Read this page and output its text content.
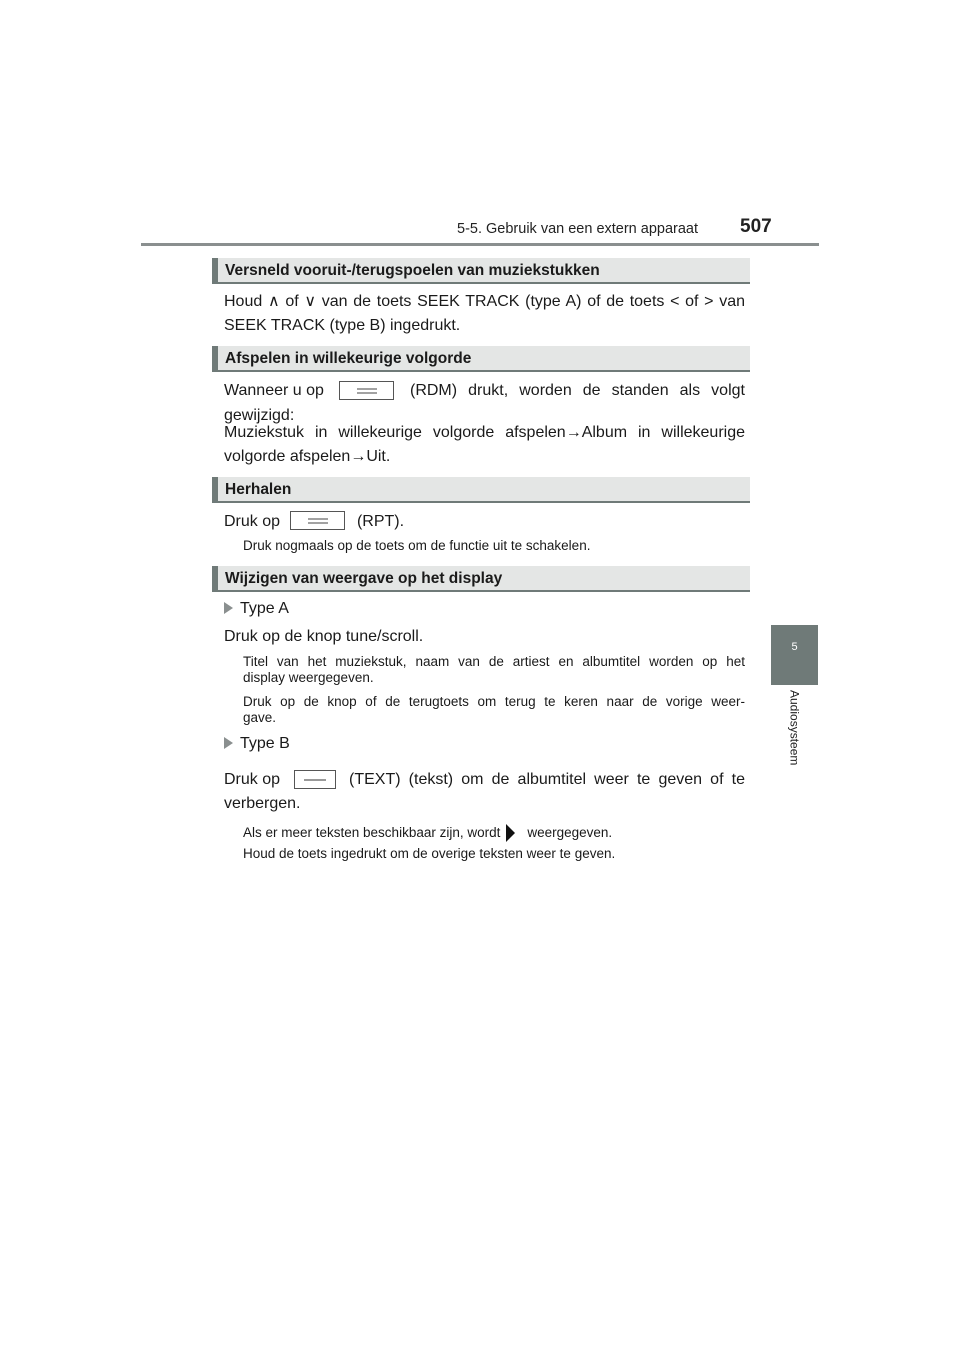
5-5. Gebruik van een extern apparaat 507
5
Audiosysteem
Versneld vooruit-/terugspoelen van muziekstukken
Houd ∧ of ∨ van de toets SEEK TRACK (type A) of de toets < of > van
SEEK TRACK (type B) ingedrukt.
Afspelen in willekeurige volgorde
Wanneer u op	(RDM) drukt, worden de standen als volgt
gewijzigd:
Muziekstuk in willekeurige volgorde afspelen→Album in willekeurige
volgorde afspelen→Uit.
Herhalen
Druk op	(RPT).
Druk nogmaals op de toets om de functie uit te schakelen.
Wijzigen van weergave op het display
Type A
Druk op de knop tune/scroll.
Titel van het muziekstuk, naam van de artiest en albumtitel worden op het
display weergegeven.
Druk op de knop of de terugtoets om terug te keren naar de vorige weer-
gave.
Type B
Druk op	(TEXT) (tekst) om de albumtitel weer te geven of te
verbergen.
Als er meer teksten beschikbaar zijn, wordt weergegeven.
Houd de toets ingedrukt om de overige teksten weer te geven.
